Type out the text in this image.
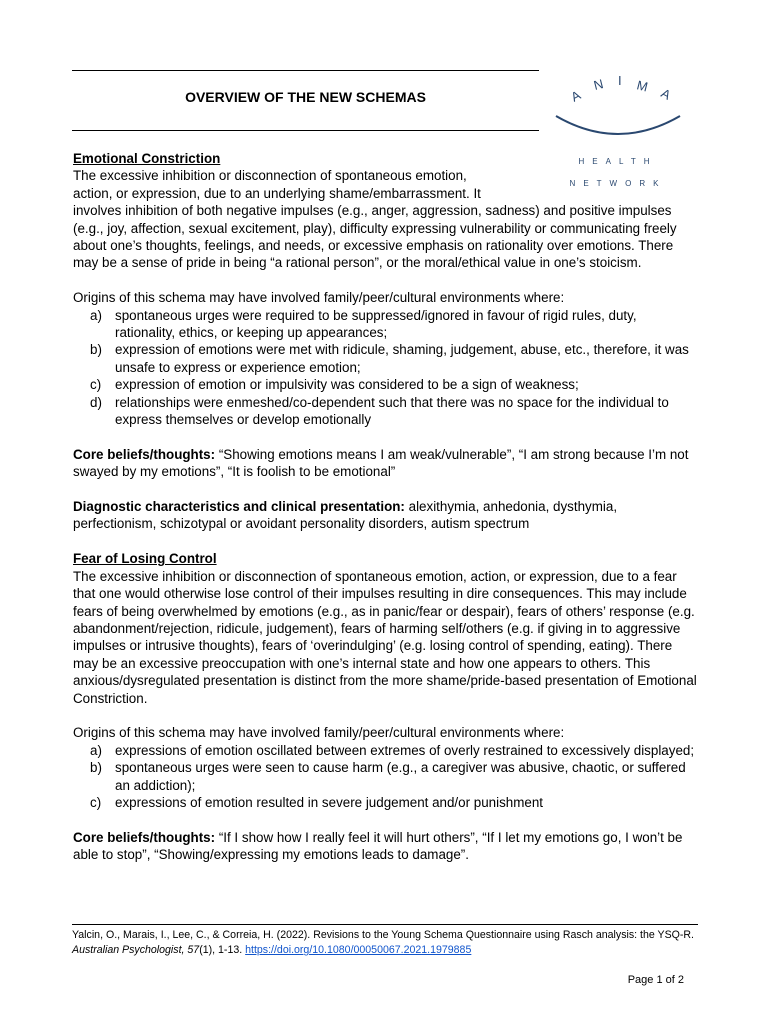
OVERVIEW OF THE NEW SCHEMAS	A
N I M A
HEALTH
NETWORK

Emotional Constriction

The excessive inhibition or disconnection of spontaneous emotion,

action, or expression, due to an underlying shame/embarrassment. It

involves inhibition of both negative impulses (e.g., anger, aggression, sadness) and positive impulses (e.g., joy, affection, sexual excitement, play), difficulty expressing vulnerability or communicating freely about one’s thoughts, feelings, and needs, or excessive emphasis on rationality over emotions. There may be a sense of pride in being “a rational person”, or the moral/ethical value in one’s stoicism.

Origins of this schema may have involved family/peer/cultural environments where:

a) spontaneous urges were required to be suppressed/ignored in favour of rigid rules, duty, rationality, ethics, or keeping up appearances;
b) expression of emotions were met with ridicule, shaming, judgement, abuse, etc., therefore, it was unsafe to express or experience emotion;
c) expression of emotion or impulsivity was considered to be a sign of weakness;
d) relationships were enmeshed/co-dependent such that there was no space for the individual to express themselves or develop emotionally

Core beliefs/thoughts: “Showing emotions means I am weak/vulnerable”, “I am strong because I’m not swayed by my emotions”, “It is foolish to be emotional”

Diagnostic characteristics and clinical presentation: alexithymia, anhedonia, dysthymia, perfectionism, schizotypal or avoidant personality disorders, autism spectrum

Fear of Losing Control

The excessive inhibition or disconnection of spontaneous emotion, action, or expression, due to a fear that one would otherwise lose control of their impulses resulting in dire consequences. This may include fears of being overwhelmed by emotions (e.g., as in panic/fear or despair), fears of others’ response (e.g. abandonment/rejection, ridicule, judgement), fears of harming self/others (e.g. if giving in to aggressive impulses or intrusive thoughts), fears of ‘overindulging’ (e.g. losing control of spending, eating). There may be an excessive preoccupation with one’s internal state and how one appears to others. This anxious/dysregulated presentation is distinct from the more shame/pride-based presentation of Emotional Constriction.

Origins of this schema may have involved family/peer/cultural environments where:

a) expressions of emotion oscillated between extremes of overly restrained to excessively displayed;
b) spontaneous urges were seen to cause harm (e.g., a caregiver was abusive, chaotic, or suffered an addiction);
c) expressions of emotion resulted in severe judgement and/or punishment

Core beliefs/thoughts: “If I show how I really feel it will hurt others”, “If I let my emotions go, I won’t be able to stop”, “Showing/expressing my emotions leads to damage”.

Yalcin, O., Marais, I., Lee, C., & Correia, H. (2022). Revisions to the Young Schema Questionnaire using Rasch analysis: the YSQ-R. Australian Psychologist, 57(1), 1-13. https://doi.org/10.1080/00050067.2021.1979885
Page 1 of 2
